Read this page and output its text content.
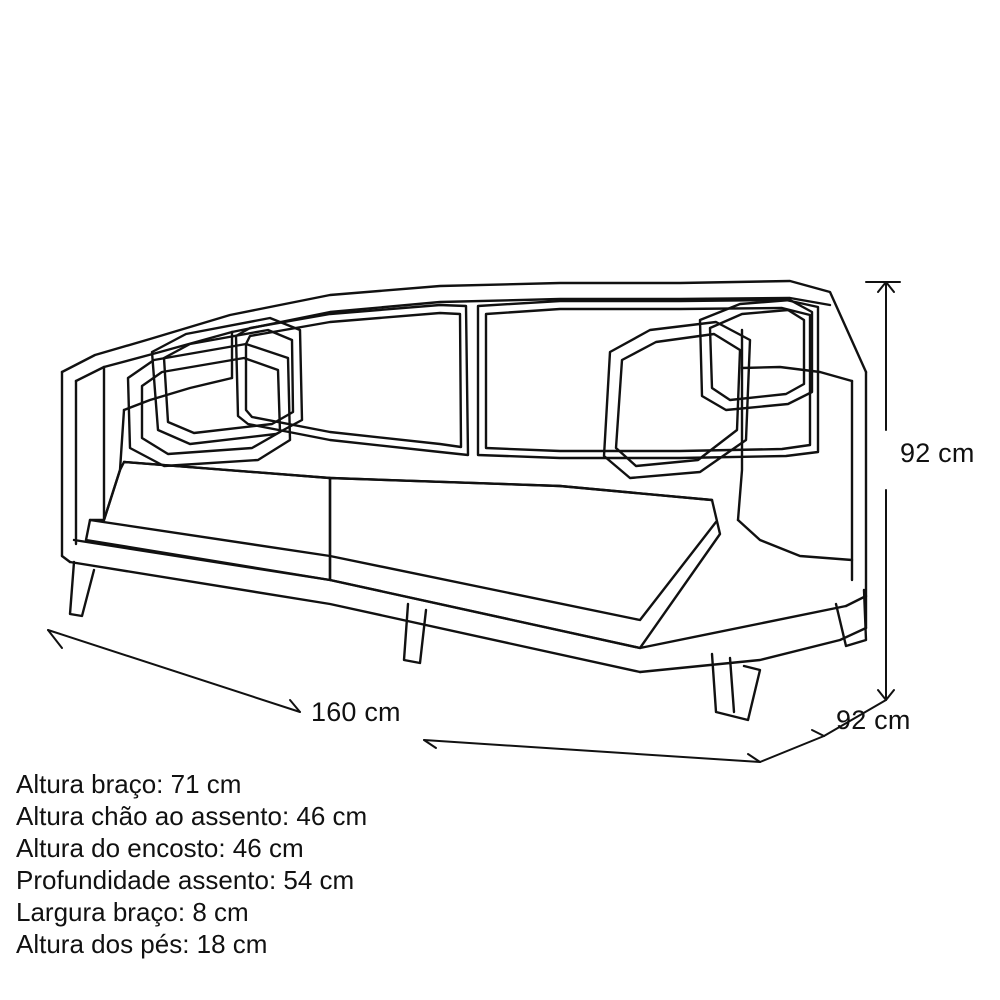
160 cm	92 cm
92 cm
Altura braço: 71 cm
Altura chão ao assento: 46 cm
Altura do encosto: 46 cm
Profundidade assento: 54 cm
Largura braço: 8 cm
Altura dos pés: 18 cm
